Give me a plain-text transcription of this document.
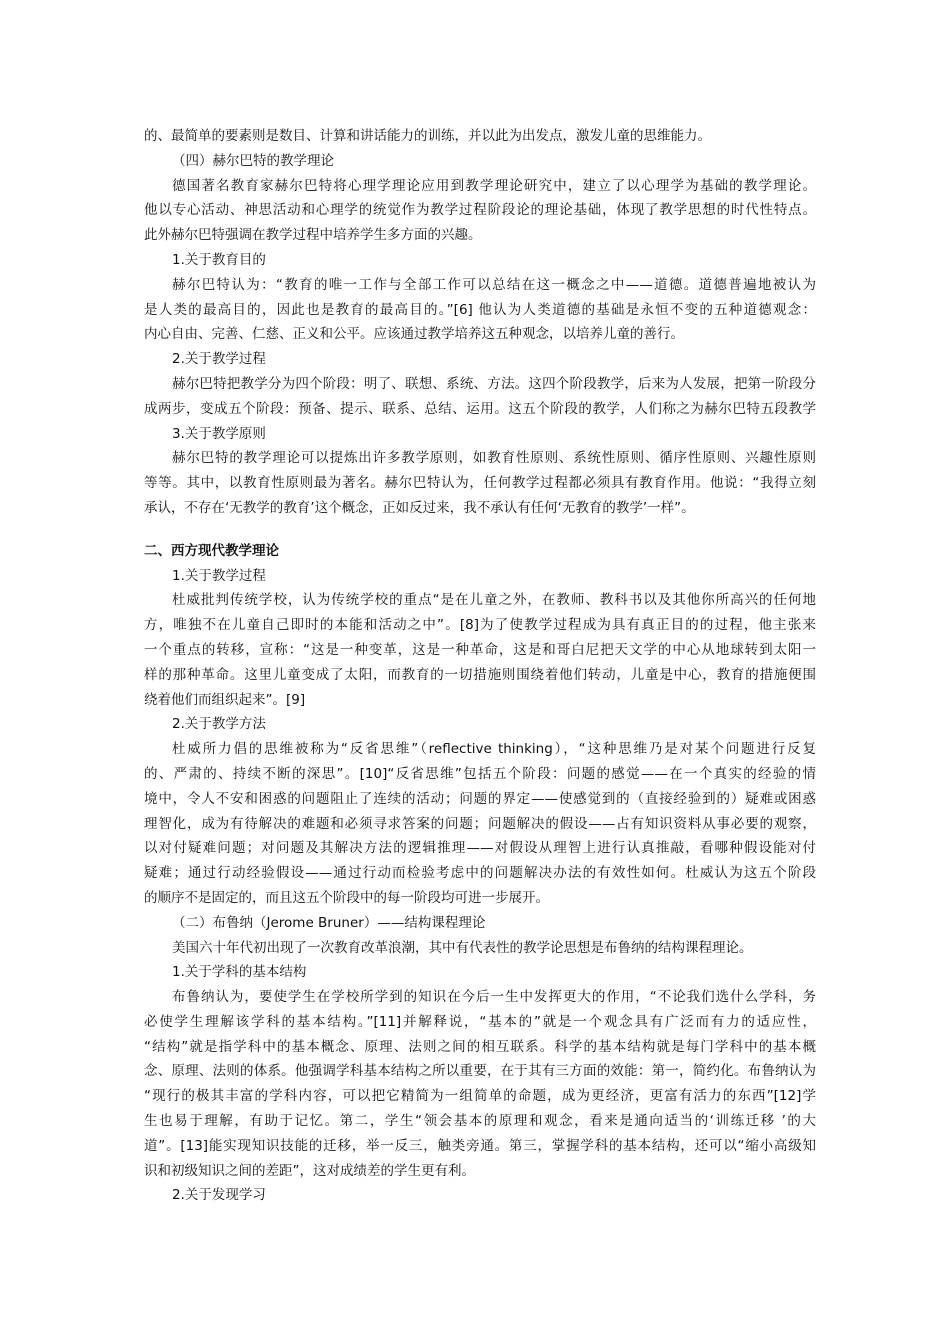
的、最简单的要素则是数目、计算和讲话能力的训练，并以此为出发点，激发儿童的思维能力。
（四）赫尔巴特的教学理论
德国著名教育家赫尔巴特将心理学理论应用到教学理论研究中，建立了以心理学为基础的教学理论。
他以专心活动、神思活动和心理学的统觉作为教学过程阶段论的理论基础，体现了教学思想的时代性特点。
此外赫尔巴特强调在教学过程中培养学生多方面的兴趣。
1.关于教育目的
赫尔巴特认为：“教育的唯一工作与全部工作可以总结在这一概念之中——道德。道德普遍地被认为
是人类的最高目的，因此也是教育的最高目的。”[6] 他认为人类道德的基础是永恒不变的五种道德观念：
内心自由、完善、仁慈、正义和公平。应该通过教学培养这五种观念，以培养儿童的善行。
2.关于教学过程
赫尔巴特把教学分为四个阶段：明了、联想、系统、方法。这四个阶段教学，后来为人发展，把第一阶段分
成两步，变成五个阶段：预备、提示、联系、总结、运用。这五个阶段的教学，人们称之为赫尔巴特五段教学
3.关于教学原则
赫尔巴特的教学理论可以提炼出许多教学原则，如教育性原则、系统性原则、循序性原则、兴趣性原则
等等。其中，以教育性原则最为著名。赫尔巴特认为，任何教学过程都必须具有教育作用。他说：“我得立刻
承认，不存在‘无教学的教育’这个概念，正如反过来，我不承认有任何‘无教育的教学’一样”。
二、西方现代教学理论
1.关于教学过程
杜威批判传统学校，认为传统学校的重点“是在儿童之外，在教师、教科书以及其他你所高兴的任何地
方，唯独不在儿童自己即时的本能和活动之中”。[8]为了使教学过程成为具有真正目的的过程，他主张来
一个重点的转移，宣称：“这是一种变革，这是一种革命，这是和哥白尼把天文学的中心从地球转到太阳一
样的那种革命。这里儿童变成了太阳，而教育的一切措施则围绕着他们转动，儿童是中心，教育的措施便围
绕着他们而组织起来”。[9]
2.关于教学方法
杜威所力倡的思维被称为“反省思维”（reflective thinking），“这种思维乃是对某个问题进行反复
的、严肃的、持续不断的深思”。[10]“反省思维”包括五个阶段：问题的感觉——在一个真实的经验的情
境中，令人不安和困惑的问题阻止了连续的活动；问题的界定——使感觉到的（直接经验到的）疑难或困惑
理智化，成为有待解决的难题和必须寻求答案的问题；问题解决的假设——占有知识资料从事必要的观察，
以对付疑难问题；对问题及其解决方法的逻辑推理——对假设从理智上进行认真推敲，看哪种假设能对付
疑难；通过行动经验假设——通过行动而检验考虑中的问题解决办法的有效性如何。杜威认为这五个阶段
的顺序不是固定的，而且这五个阶段中的每一阶段均可进一步展开。
（二）布鲁纳（Jerome Bruner）——结构课程理论
美国六十年代初出现了一次教育改革浪潮，其中有代表性的教学论思想是布鲁纳的结构课程理论。
1.关于学科的基本结构
布鲁纳认为，要使学生在学校所学到的知识在今后一生中发挥更大的作用，“不论我们选什么学科，务
必使学生理解该学科的基本结构。”[11]并解释说，“基本的”就是一个观念具有广泛而有力的适应性，
“结构”就是指学科中的基本概念、原理、法则之间的相互联系。科学的基本结构就是每门学科中的基本概
念、原理、法则的体系。他强调学科基本结构之所以重要，在于其有三方面的效能：第一，简约化。布鲁纳认为
“现行的极其丰富的学科内容，可以把它精简为一组简单的命题，成为更经济，更富有活力的东西”[12]学
生也易于理解，有助于记忆。第二，学生“领会基本的原理和观念，看来是通向适当的‘训练迁移 ’的大
道”。[13]能实现知识技能的迁移，举一反三，触类旁通。第三，掌握学科的基本结构，还可以“缩小高级知
识和初级知识之间的差距”，这对成绩差的学生更有利。
2.关于发现学习
